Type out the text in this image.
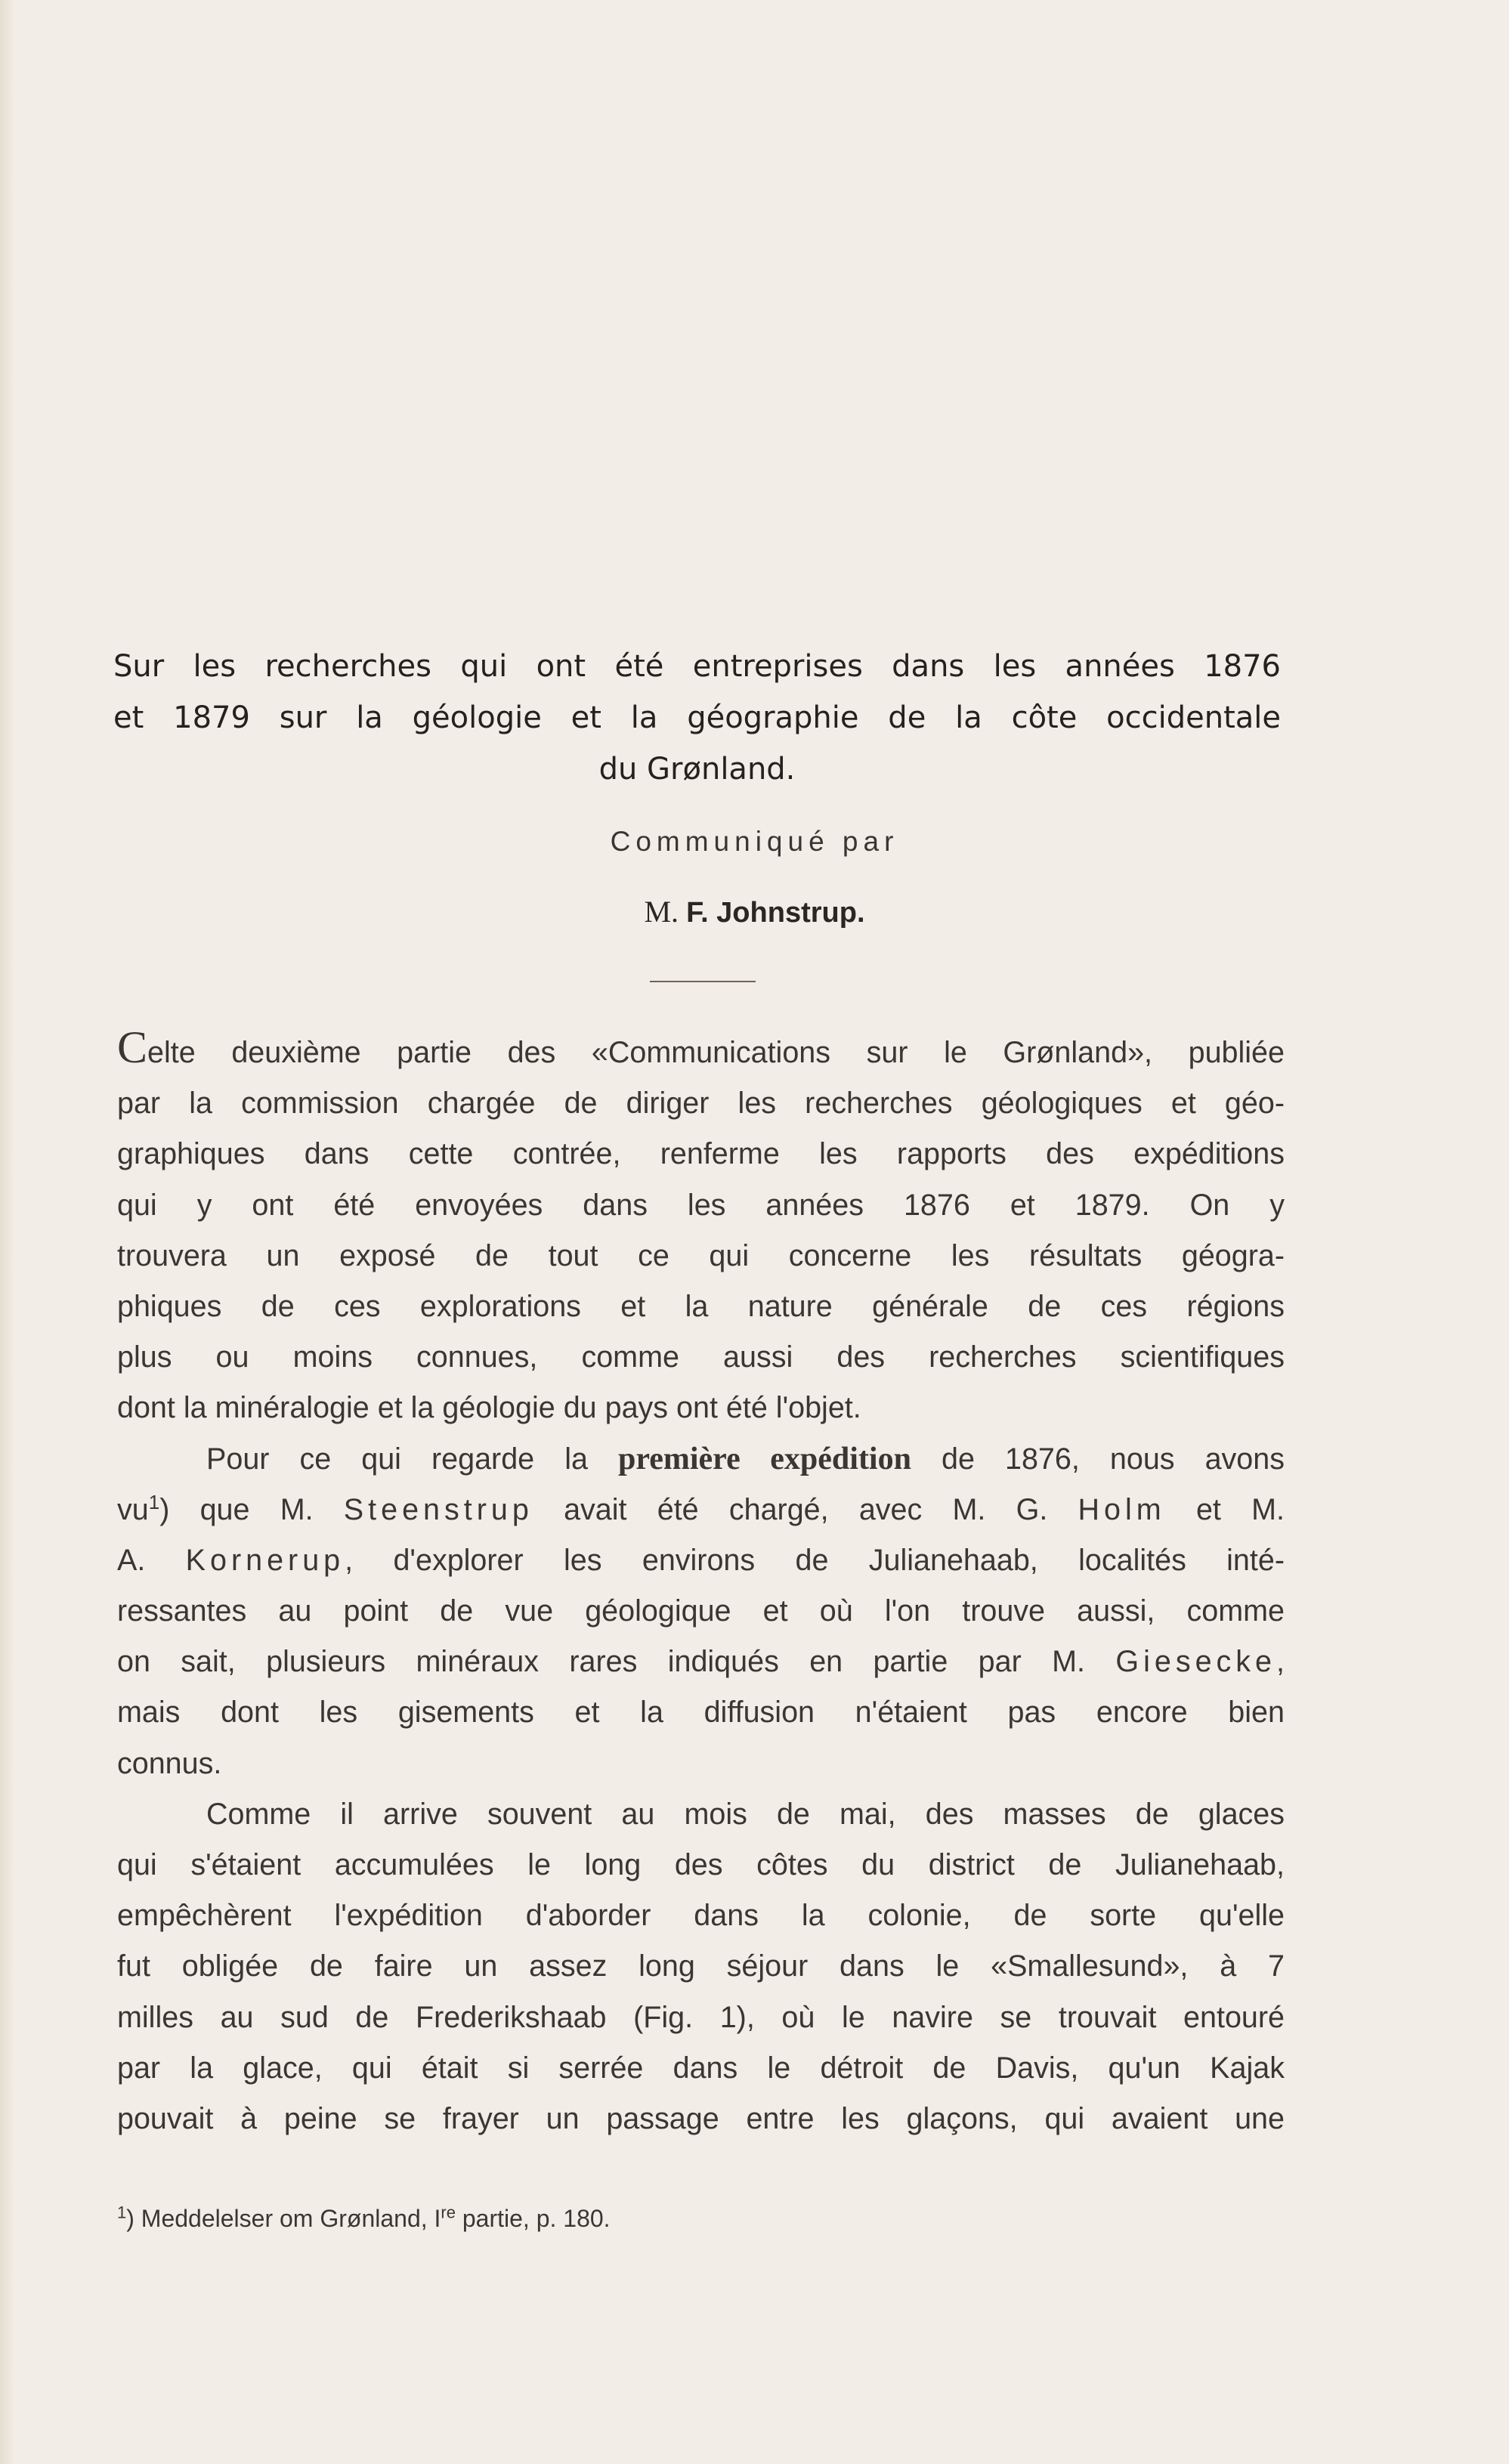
Sur les recherches qui ont été entreprises dans les années 1876
et 1879 sur la géologie et la géographie de la côte occidentale
du Grønland.
Communiqué par
M. F. Johnstrup.
Celte deuxième partie des «Communications sur le Grønland», publiée
par la commission chargée de diriger les recherches géologiques et géo-
graphiques dans cette contrée, renferme les rapports des expéditions
qui y ont été envoyées dans les années 1876 et 1879. On y
trouvera un exposé de tout ce qui concerne les résultats géogra-
phiques de ces explorations et la nature générale de ces régions
plus ou moins connues, comme aussi des recherches scientifiques
dont la minéralogie et la géologie du pays ont été l'objet.
Pour ce qui regarde la première expédition de 1876, nous avons
$vu^1$) que M. Steenstrup avait été chargé, avec M. G. Holm et M.
A. Kornerup, d'explorer les environs de Julianehaab, localités inté-
ressantes au point de vue géologique et où l'on trouve aussi, comme
on sait, plusieurs minéraux rares indiqués en partie par M. Giesecke,
mais dont les gisements et la diffusion n'étaient pas encore bien
connus.
Comme il arrive souvent au mois de mai, des masses de glaces
qui s'étaient accumulées le long des côtes du district de Julianehaab,
empêchèrent l'expédition d'aborder dans la colonie, de sorte qu'elle
fut obligée de faire un assez long séjour dans le «Smallesund», à 7
milles au sud de Frederikshaab (Fig. 1), où le navire se trouvait entouré
par la glace, qui était si serrée dans le détroit de Davis, qu'un Kajak
pouvait à peine se frayer un passage entre les glaçons, qui avaient une
$^1$) Meddelelser om Grønland, Ire partie, p. 180.
